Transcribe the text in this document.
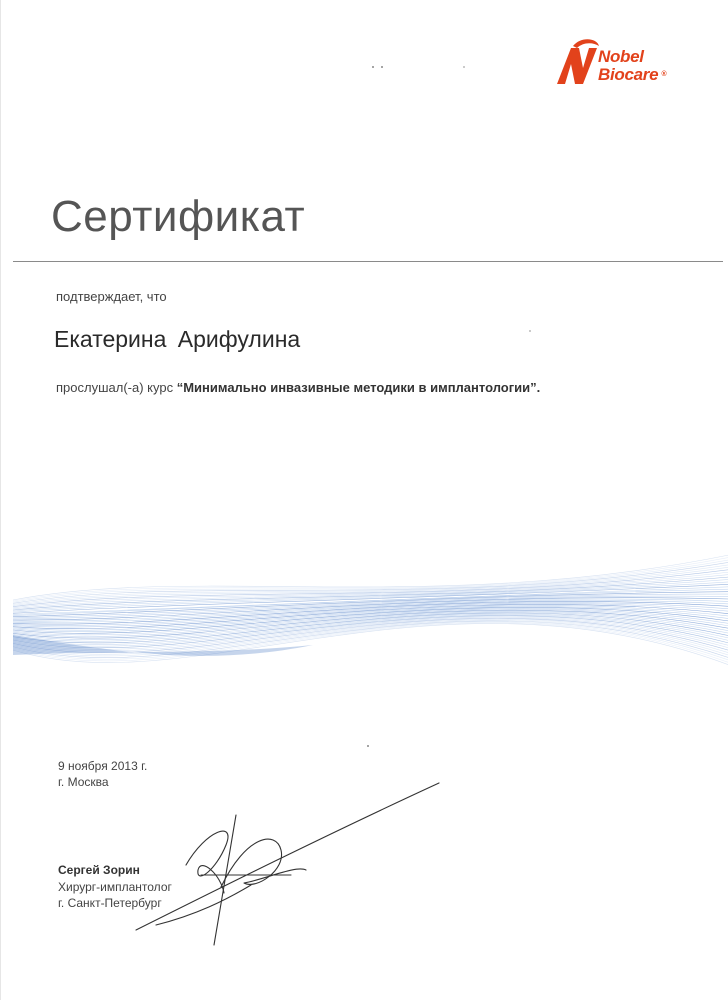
Nobel
Biocare ®
Сертификат
подтверждает, что
Екатерина Арифулина
прослушал(-а) курс “Минимально инвазивные методики в имплантологии”.
9 ноября 2013 г.
г. Москва
Сергей Зорин
Хирург-имплантолог
г. Санкт-Петербург
